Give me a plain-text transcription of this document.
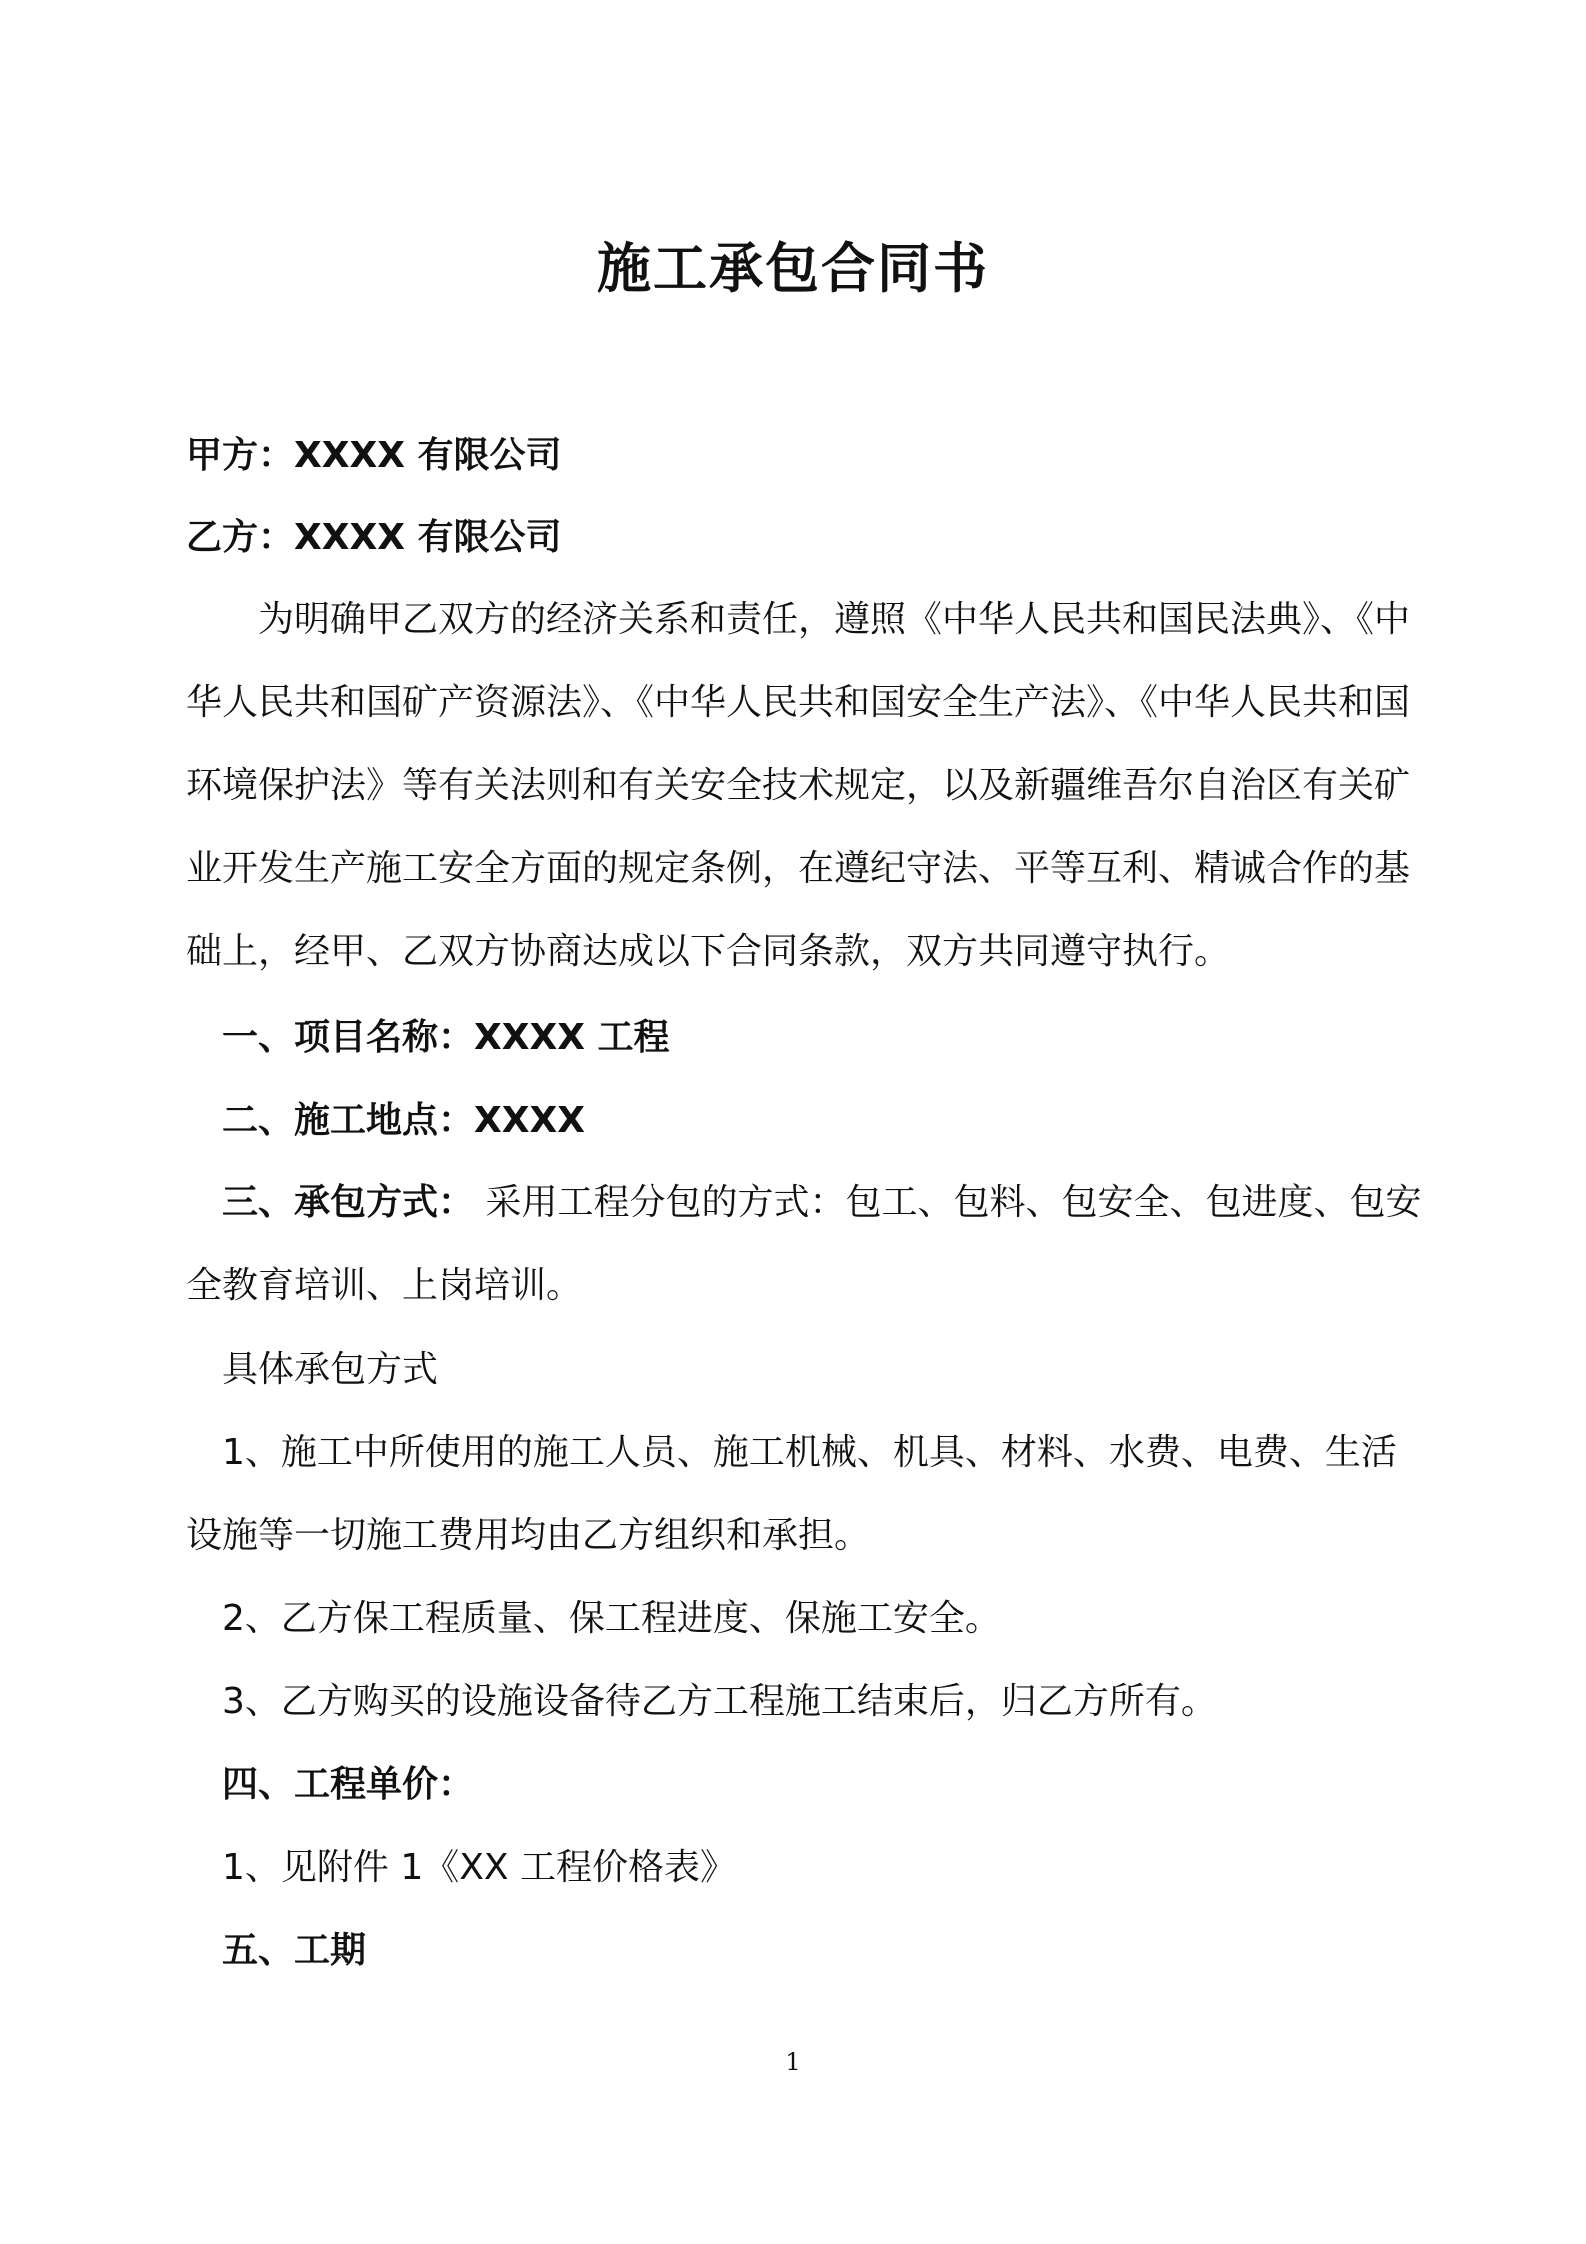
施工承包合同书
甲方：XXXX 有限公司
乙方：XXXX 有限公司
为明确甲乙双方的经济关系和责任，遵照《中华人民共和国民法典》、《中
华人民共和国矿产资源法》、《中华人民共和国安全生产法》、《中华人民共和国
环境保护法》等有关法则和有关安全技术规定，以及新疆维吾尔自治区有关矿
业开发生产施工安全方面的规定条例，在遵纪守法、平等互利、精诚合作的基
础上，经甲、乙双方协商达成以下合同条款，双方共同遵守执行。
一、项目名称：XXXX 工程
二、施工地点：XXXX
三、承包方式： 采用工程分包的方式：包工、包料、包安全、包进度、包安
全教育培训、上岗培训。
具体承包方式
1、施工中所使用的施工人员、施工机械、机具、材料、水费、电费、生活
设施等一切施工费用均由乙方组织和承担。
2、乙方保工程质量、保工程进度、保施工安全。
3、乙方购买的设施设备待乙方工程施工结束后，归乙方所有。
四、工程单价：
1、见附件 1《XX 工程价格表》
五、工期
1
